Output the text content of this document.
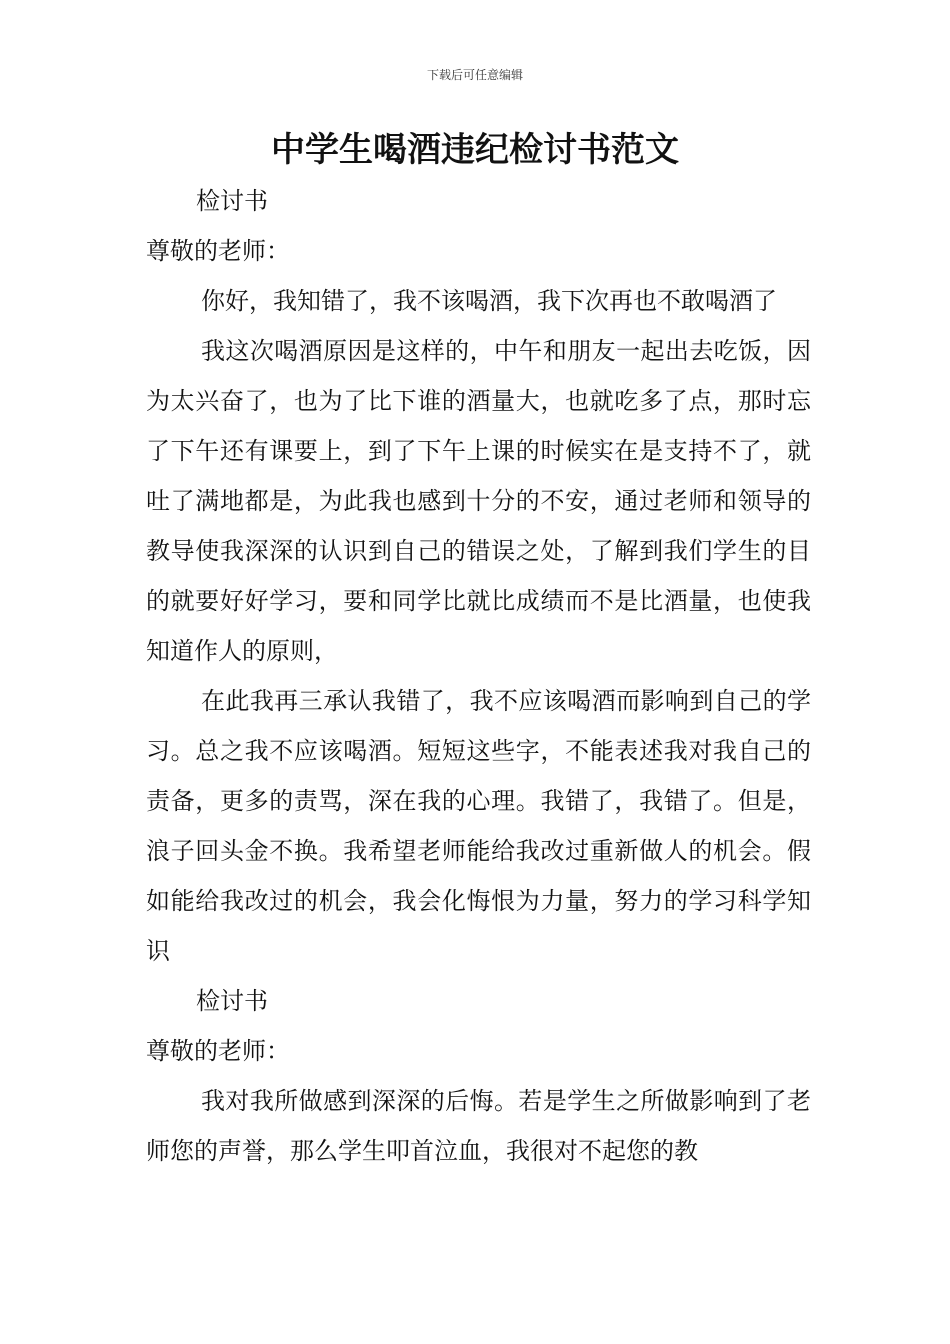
下载后可任意编辑
中学生喝酒违纪检讨书范文

检讨书

尊敬的老师：

你好，我知错了，我不该喝酒，我下次再也不敢喝酒了

我这次喝酒原因是这样的，中午和朋友一起出去吃饭，因为太兴奋了，也为了比下谁的酒量大，也就吃多了点，那时忘了下午还有课要上，到了下午上课的时候实在是支持不了，就吐了满地都是，为此我也感到十分的不安，通过老师和领导的教导使我深深的认识到自己的错误之处，了解到我们学生的目的就要好好学习，要和同学比就比成绩而不是比酒量，也使我知道作人的原则，

在此我再三承认我错了，我不应该喝酒而影响到自己的学习。总之我不应该喝酒。短短这些字，不能表述我对我自己的责备，更多的责骂，深在我的心理。我错了，我错了。但是，浪子回头金不换。我希望老师能给我改过重新做人的机会。假如能给我改过的机会，我会化悔恨为力量，努力的学习科学知识

检讨书

尊敬的老师：

我对我所做感到深深的后悔。若是学生之所做影响到了老师您的声誉，那么学生叩首泣血，我很对不起您的教
